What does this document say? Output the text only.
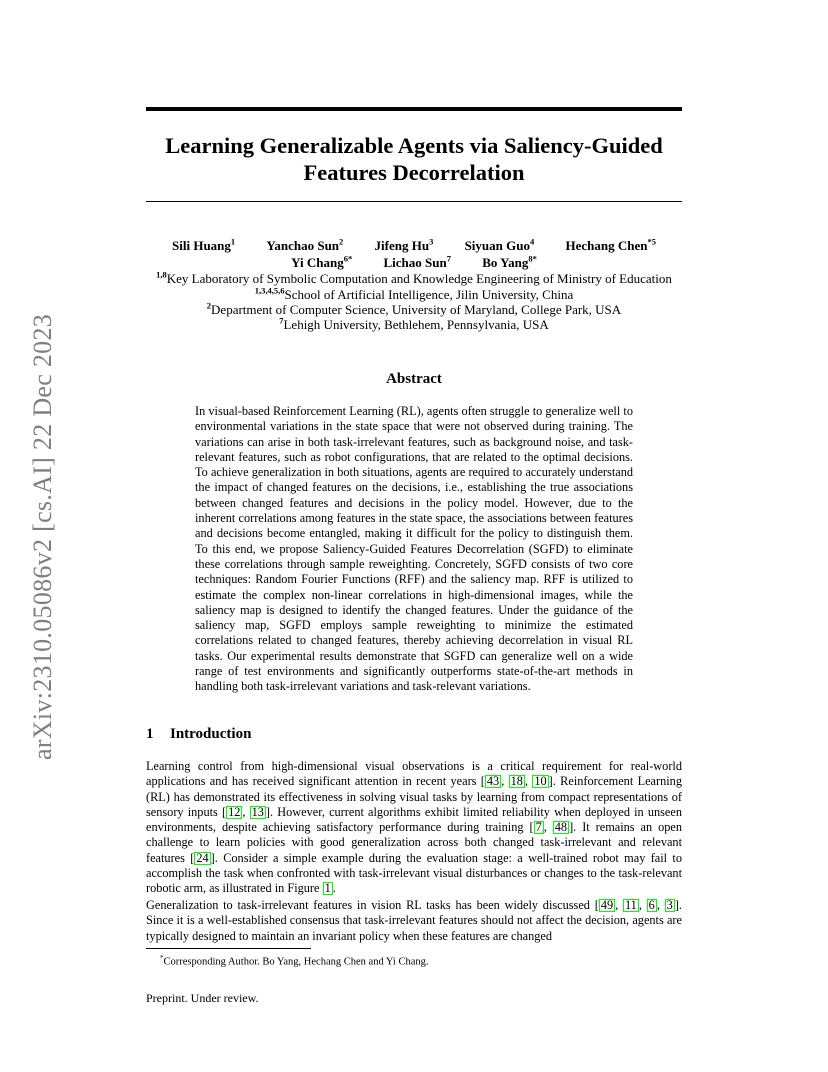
arXiv:2310.05086v2 [cs.AI] 22 Dec 2023
Learning Generalizable Agents via Saliency-Guided
Features Decorrelation
Sili Huang$^1$ Yanchao Sun$^2$ Jifeng Hu$^3$ Siyuan Guo$^4$ Hechang Chen$^{*5}$
Yi Chang$^{6*}$ Lichao Sun$^7$ Bo Yang$^{8*}$
$^{1,8}$Key Laboratory of Symbolic Computation and Knowledge Engineering of Ministry of Education
$^{1,3,4,5,6}$School of Artificial Intelligence, Jilin University, China
$^2$Department of Computer Science, University of Maryland, College Park, USA
$^7$Lehigh University, Bethlehem, Pennsylvania, USA
Abstract
In visual-based Reinforcement Learning (RL), agents often struggle to generalize well to environmental variations in the state space that were not observed during training. The variations can arise in both task-irrelevant features, such as background noise, and task-relevant features, such as robot configurations, that are related to the optimal decisions. To achieve generalization in both situations, agents are required to accurately understand the impact of changed features on the decisions, i.e., establishing the true associations between changed features and decisions in the policy model. However, due to the inherent correlations among features in the state space, the associations between features and decisions become entangled, making it difficult for the policy to distinguish them. To this end, we propose Saliency-Guided Features Decorrelation (SGFD) to eliminate these correlations through sample reweighting. Concretely, SGFD consists of two core techniques: Random Fourier Functions (RFF) and the saliency map. RFF is utilized to estimate the complex non-linear correlations in high-dimensional images, while the saliency map is designed to identify the changed features. Under the guidance of the saliency map, SGFD employs sample reweighting to minimize the estimated correlations related to changed features, thereby achieving decorrelation in visual RL tasks. Our experimental results demonstrate that SGFD can generalize well on a wide range of test environments and significantly outperforms state-of-the-art methods in handling both task-irrelevant variations and task-relevant variations.
1 Introduction
Learning control from high-dimensional visual observations is a critical requirement for real-world applications and has received significant attention in recent years [ 43 , 18 , 10 ]. Reinforcement Learning (RL) has demonstrated its effectiveness in solving visual tasks by learning from compact representations of sensory inputs [ 12 , 13 ]. However, current algorithms exhibit limited reliability when deployed in unseen environments, despite achieving satisfactory performance during training [ 7 , 48 ]. It remains an open challenge to learn policies with good generalization across both changed task-irrelevant and relevant features [ 24 ]. Consider a simple example during the evaluation stage: a well-trained robot may fail to accomplish the task when confronted with task-irrelevant visual disturbances or changes to the task-relevant robotic arm, as illustrated in Figure 1 .
Generalization to task-irrelevant features in vision RL tasks has been widely discussed [ 49 , 11 , 6 , 3 ]. Since it is a well-established consensus that task-irrelevant features should not affect the decision, agents are typically designed to maintain an invariant policy when these features are changed
*Corresponding Author. Bo Yang, Hechang Chen and Yi Chang.
Preprint. Under review.
